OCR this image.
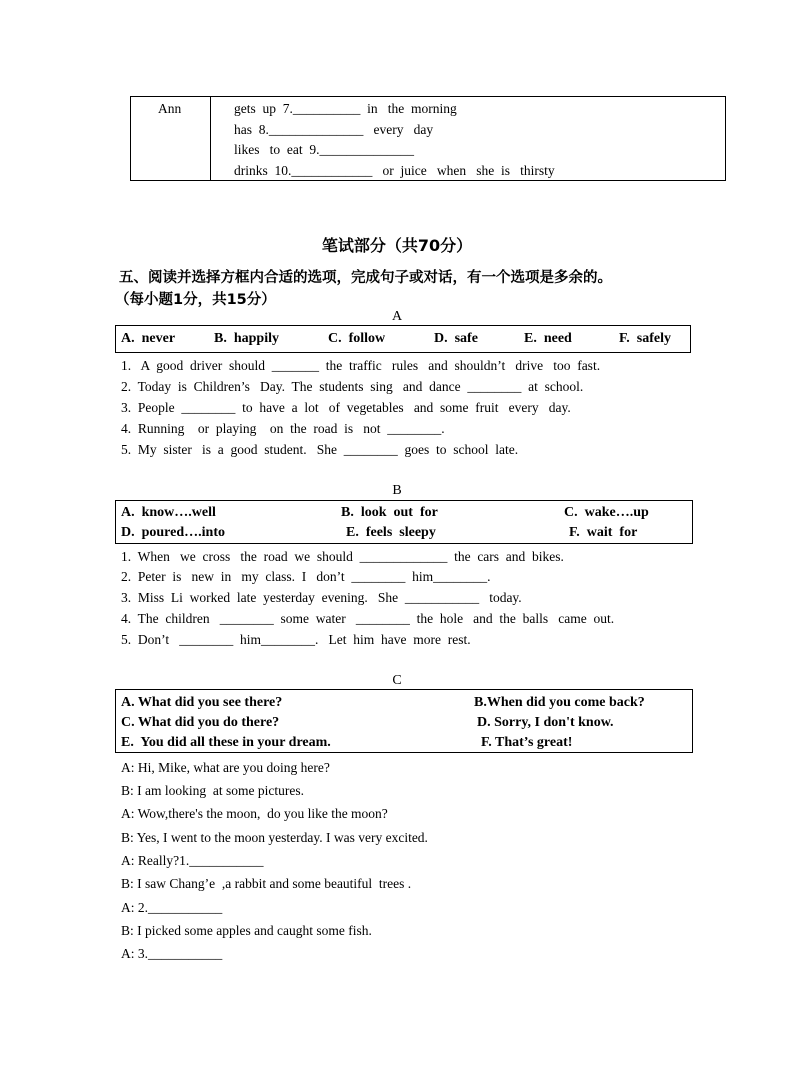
Ann	gets  up  7.__________  in   the  morning
has  8.______________   every   day
likes   to  eat  9.______________
drinks  10.____________   or  juice   when   she  is   thirsty
笔试部分（共70分）
五、阅读并选择方框内合适的选项，完成句子或对话，有一个选项是多余的。
（每小题1分，共15分）
A
A.  never	B.  happily	C.  follow	D.  safe	E.  need	F.  safely
1.   A  good  driver  should  _______  the  traffic   rules   and  shouldn’t   drive   too  fast.
2.  Today  is  Children’s   Day.  The  students  sing   and  dance  ________  at  school.
3.  People  ________  to  have  a  lot   of  vegetables   and  some  fruit   every   day.
4.  Running    or  playing    on  the  road  is   not  ________.
5.  My  sister   is  a  good  student.   She  ________  goes  to  school  late.
B
A.  know….well	B.  look  out  for	C.  wake….up
D.  poured….into	E.  feels  sleepy	F.  wait  for
1.  When   we  cross   the  road  we  should  _____________  the  cars  and  bikes.
2.  Peter  is   new  in   my  class.  I   don’t  ________  him________.
3.  Miss  Li  worked  late  yesterday  evening.   She  ___________   today.
4.  The  children   ________  some  water   ________  the  hole   and  the  balls   came  out.
5.  Don’t   ________  him________.   Let  him  have  more  rest.
C
A. What did you see there?	B.When did you come back?
C. What did you do there?	D. Sorry, I don't know.
E.  You did all these in your dream.	F. That’s great!
A: Hi, Mike, what are you doing here?
B: I am looking  at some pictures.
A: Wow,there's the moon,  do you like the moon?
B: Yes, I went to the moon yesterday. I was very excited.
A: Really?1.___________
B: I saw Chang’e  ,a rabbit and some beautiful  trees .
A: 2.___________
B: I picked some apples and caught some fish.
A: 3.___________
